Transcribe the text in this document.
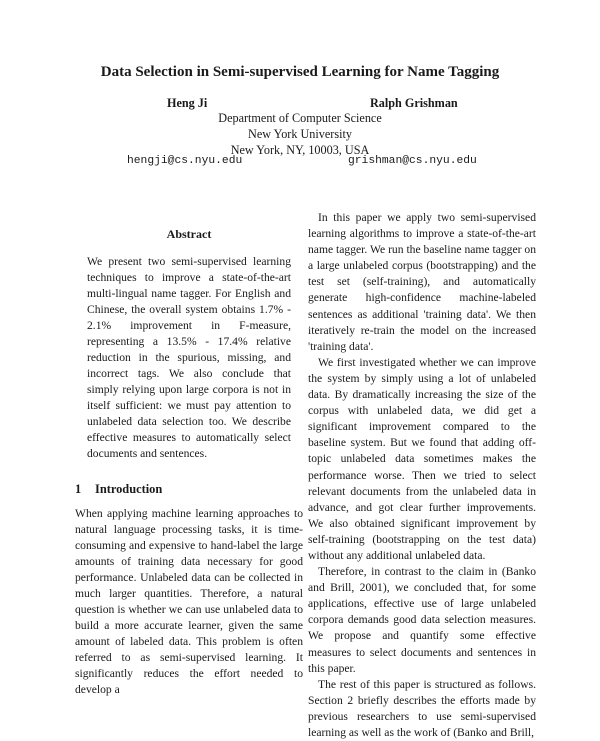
Data Selection in Semi-supervised Learning for Name Tagging
Heng Ji	Ralph Grishman
Department of Computer Science
New York University
New York, NY, 10003, USA
hengji@cs.nyu.edu	grishman@cs.nyu.edu
Abstract

We present two semi-supervised learning techniques to improve a state-of-the-art multi-lingual name tagger. For English and Chinese, the overall system obtains 1.7% - 2.1% improvement in F-measure, representing a 13.5% - 17.4% relative reduction in the spurious, missing, and incorrect tags. We also conclude that simply relying upon large corpora is not in itself sufficient: we must pay attention to unlabeled data selection too. We describe effective measures to automatically select documents and sentences.

1 Introduction

When applying machine learning approaches to natural language processing tasks, it is time-consuming and expensive to hand-label the large amounts of training data necessary for good performance. Unlabeled data can be collected in much larger quantities. Therefore, a natural question is whether we can use unlabeled data to build a more accurate learner, given the same amount of labeled data. This problem is often referred to as semi-supervised learning. It significantly reduces the effort needed to develop a

In this paper we apply two semi-supervised learning algorithms to improve a state-of-the-art name tagger. We run the baseline name tagger on a large unlabeled corpus (bootstrapping) and the test set (self-training), and automatically generate high-confidence machine-labeled sentences as additional 'training data'. We then iteratively re-train the model on the increased 'training data'.

We first investigated whether we can improve the system by simply using a lot of unlabeled data. By dramatically increasing the size of the corpus with unlabeled data, we did get a significant improvement compared to the baseline system. But we found that adding off-topic unlabeled data sometimes makes the performance worse. Then we tried to select relevant documents from the unlabeled data in advance, and got clear further improvements. We also obtained significant improvement by self-training (bootstrapping on the test data) without any additional unlabeled data.

Therefore, in contrast to the claim in (Banko and Brill, 2001), we concluded that, for some applications, effective use of large unlabeled corpora demands good data selection measures. We propose and quantify some effective measures to select documents and sentences in this paper.

The rest of this paper is structured as follows. Section 2 briefly describes the efforts made by previous researchers to use semi-supervised learning as well as the work of (Banko and Brill,
